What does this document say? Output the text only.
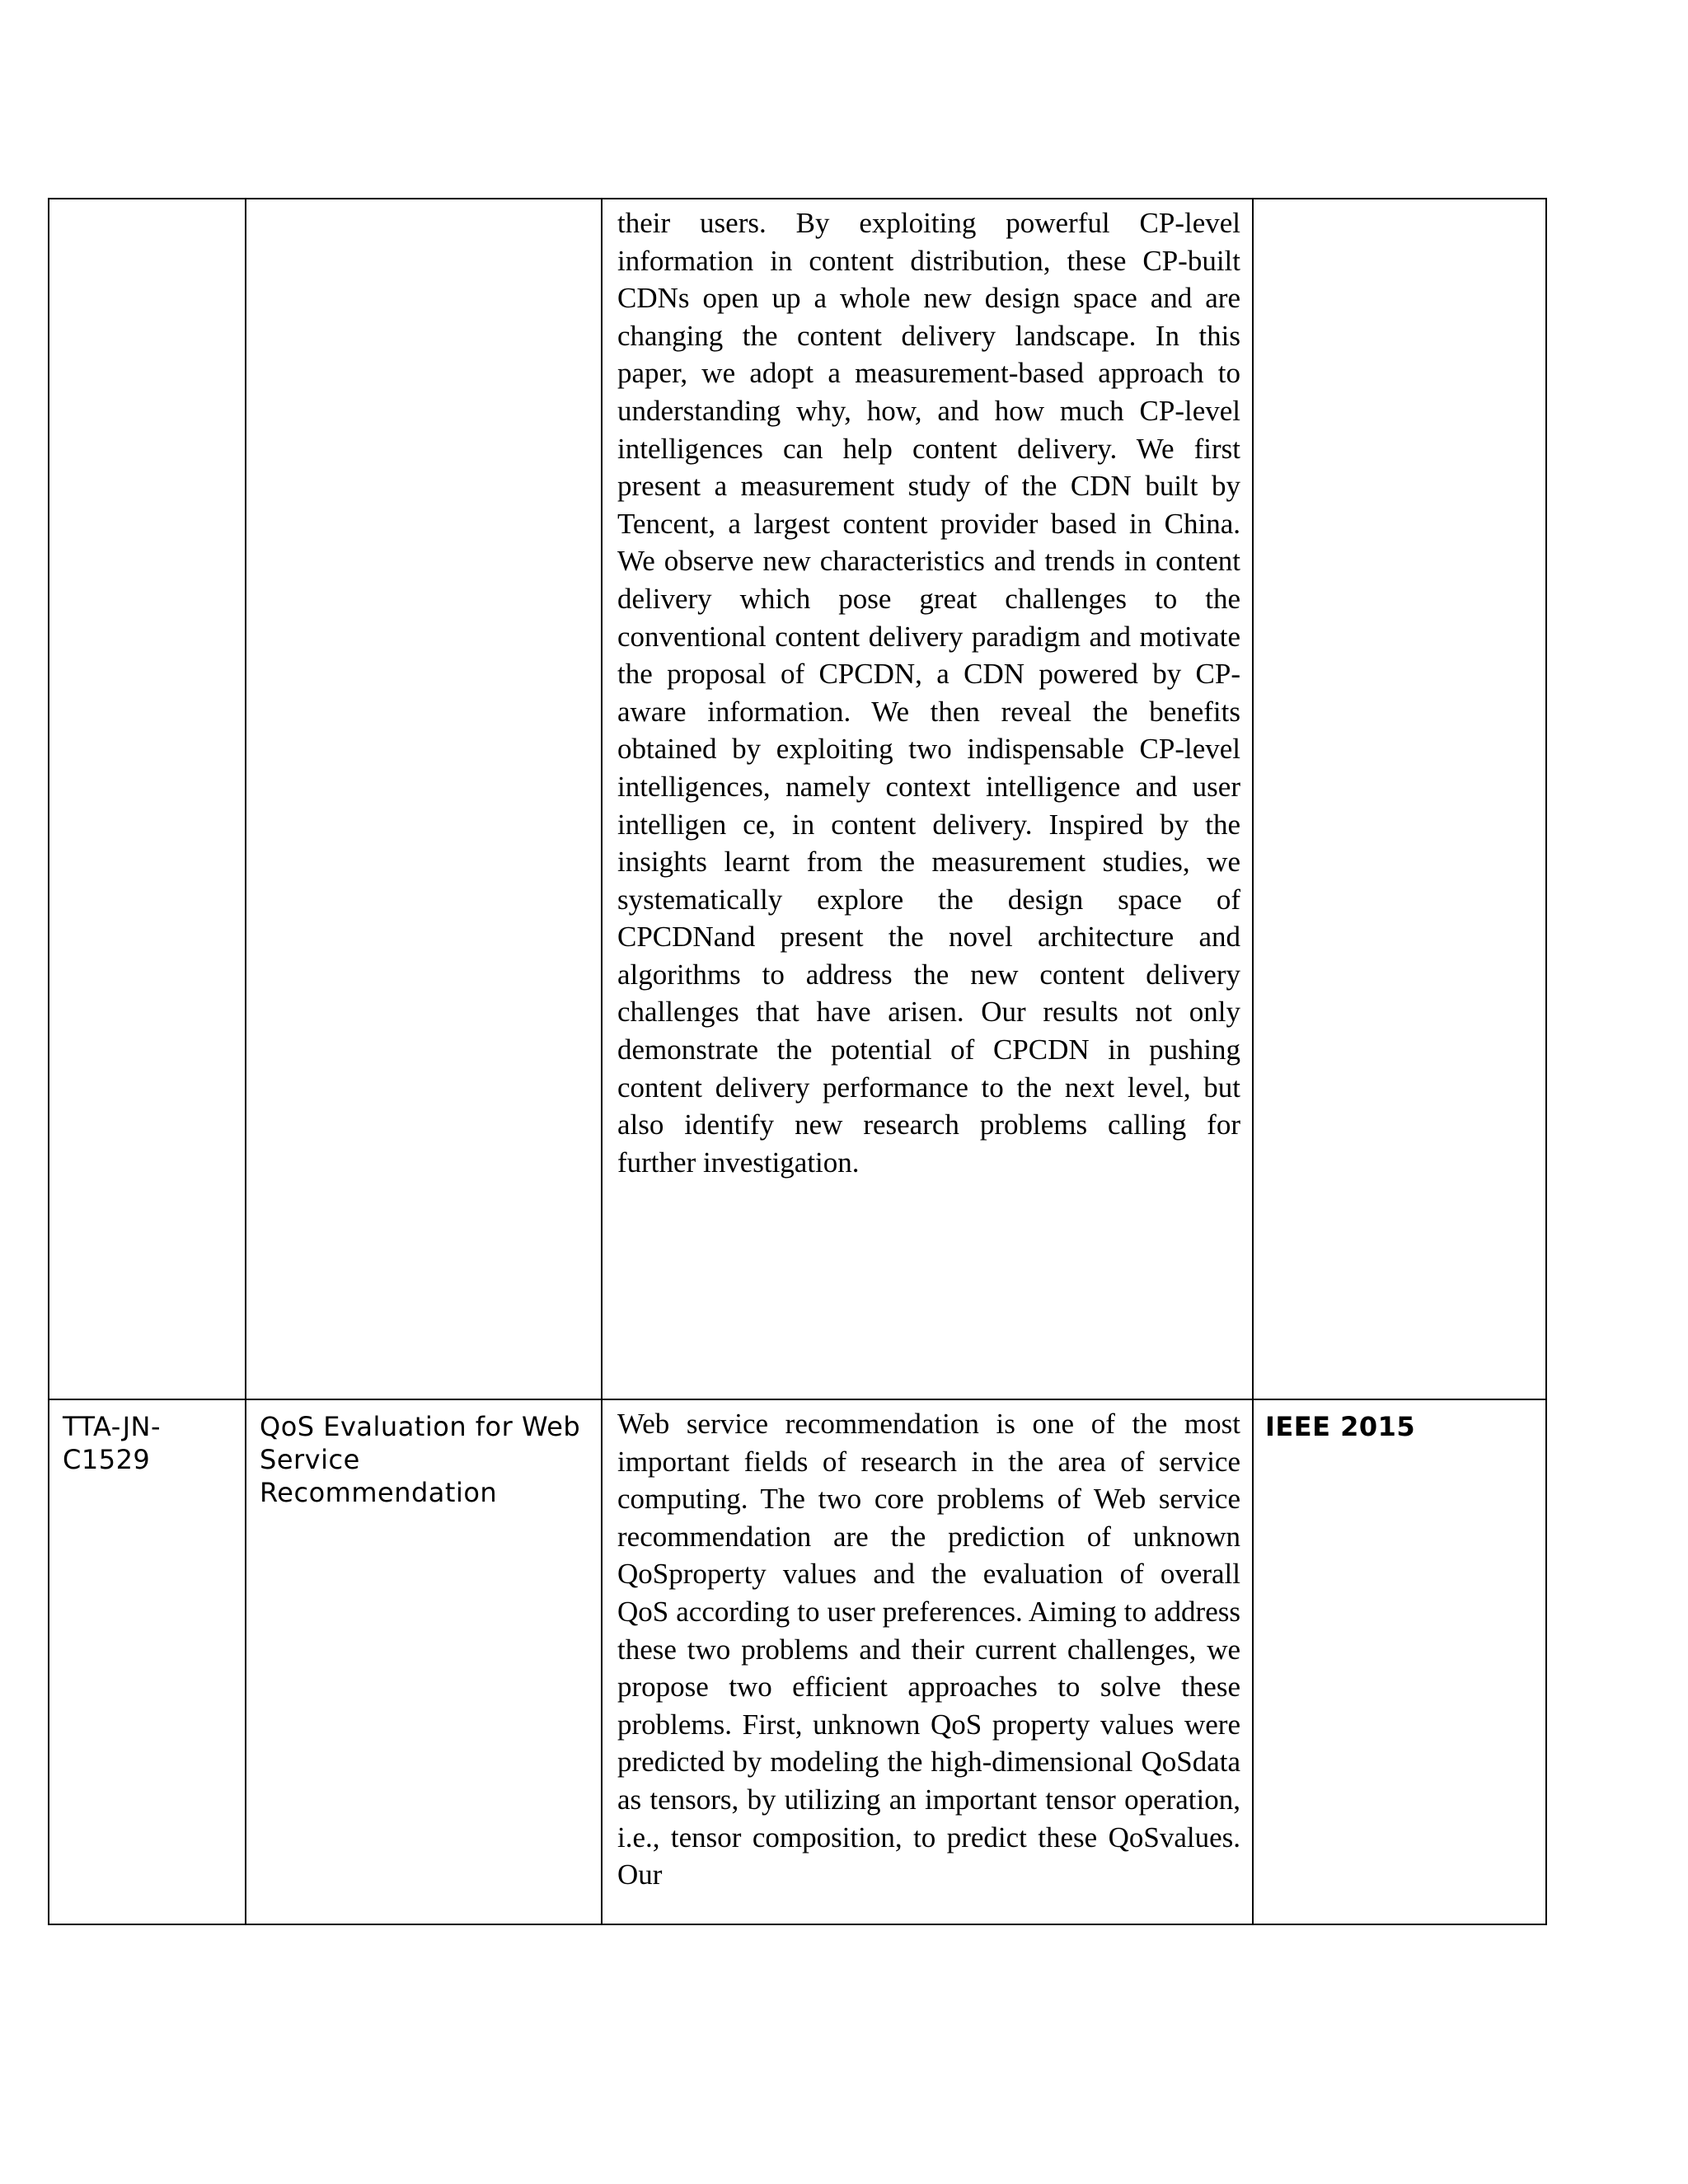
		their users. By exploiting powerful CP-level information in content distribution, these CP-built CDNs open up a whole new design space and are changing the content delivery landscape. In this paper, we adopt a measurement-based approach to understanding why, how, and how much CP-level intelligences can help content delivery. We first present a measurement study of the CDN built by Tencent, a largest content provider based in China. We observe new characteristics and trends in content delivery which pose great challenges to the conventional content delivery paradigm and motivate the proposal of CPCDN, a CDN powered by CP-aware information. We then reveal the benefits obtained by exploiting two indispensable CP-level intelligences, namely context intelligence and user intelligen ce, in content delivery. Inspired by the insights learnt from the measurement studies, we systematically explore the design space of CPCDNand present the novel architecture and algorithms to address the new content delivery challenges that have arisen. Our results not only demonstrate the potential of CPCDN in pushing content delivery performance to the next level, but also identify new research problems calling for further investigation.	

TTA-JN-C1529	QoS Evaluation for Web Service Recommendation	Web service recommendation is one of the most important fields of research in the area of service computing. The two core problems of Web service recommendation are the prediction of unknown QoSproperty values and the evaluation of overall QoS according to user preferences. Aiming to address these two problems and their current challenges, we propose two efficient approaches to solve these problems. First, unknown QoS property values were predicted by modeling the high-dimensional QoSdata as tensors, by utilizing an important tensor operation, i.e., tensor composition, to predict these QoSvalues. Our	IEEE 2015
